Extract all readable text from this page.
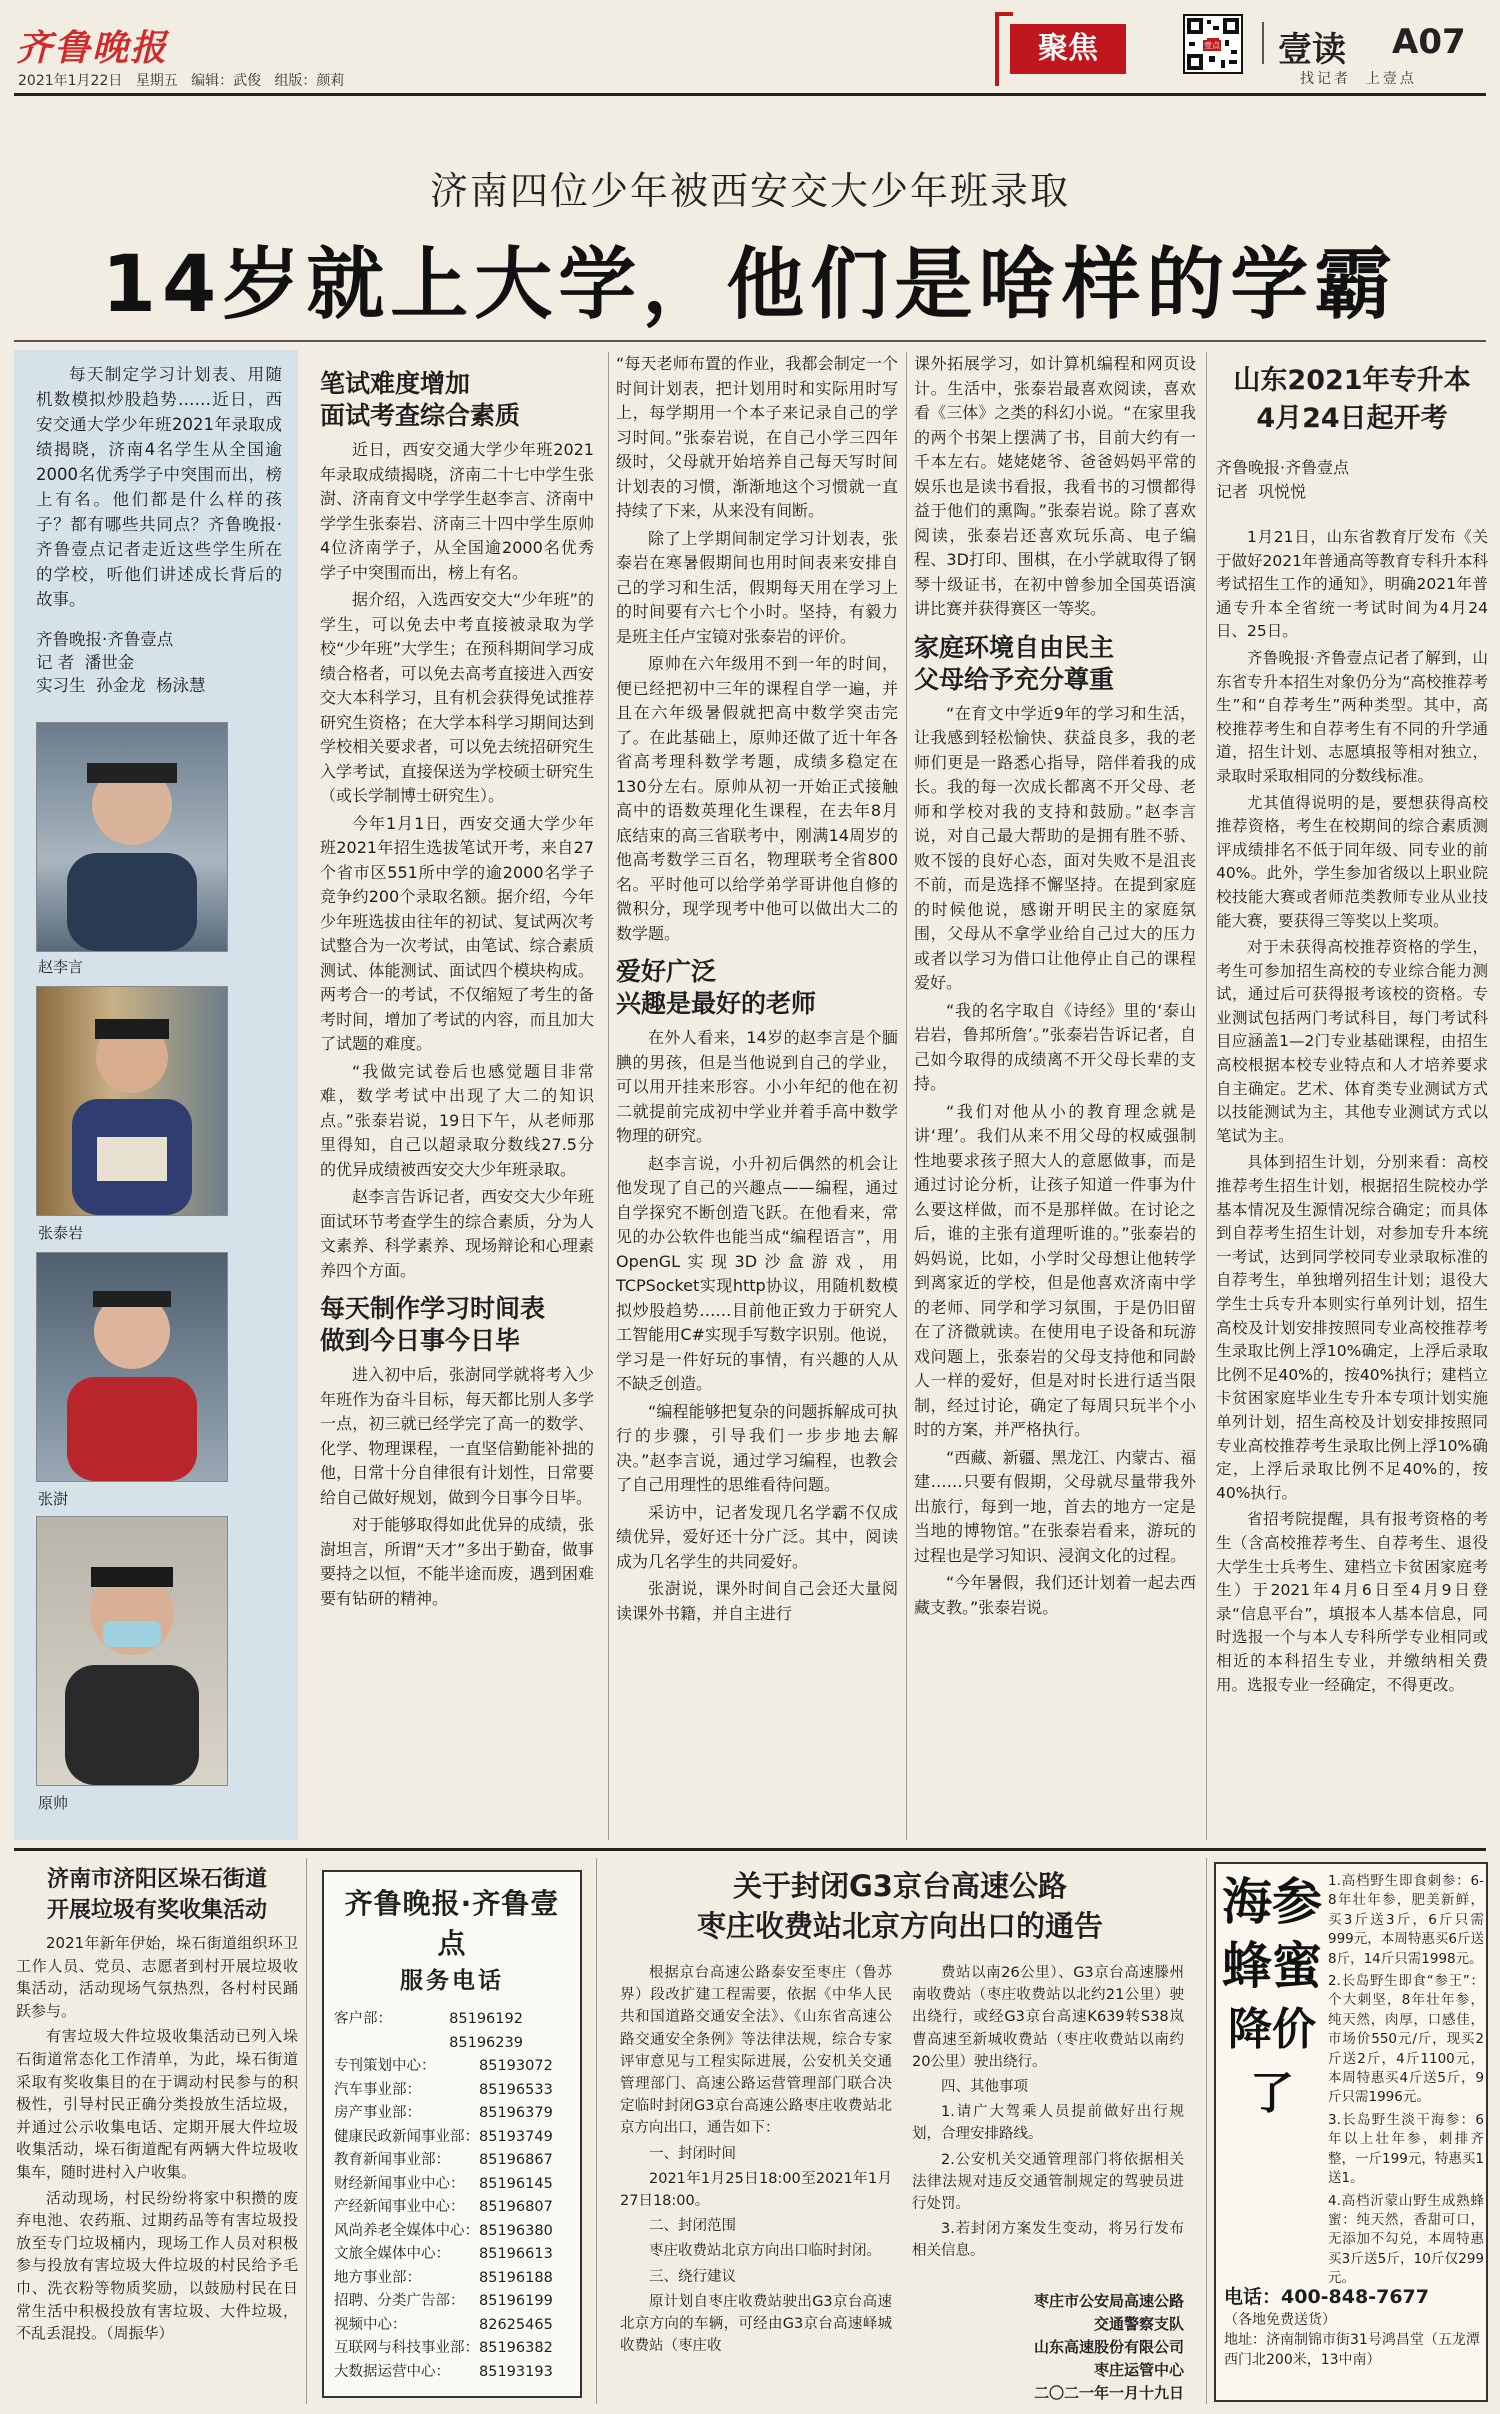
齐鲁晚报
2021年1月22日 星期五 编辑：武俊 组版：颜莉
聚焦	壹点 壹读 A07
找记者  上壹点
济南四位少年被西安交大少年班录取
14岁就上大学，他们是啥样的学霸

每天制定学习计划表、用随机数模拟炒股趋势……近日，西安交通大学少年班2021年录取成绩揭晓，济南4名学生从全国逾2000名优秀学子中突围而出，榜上有名。他们都是什么样的孩子？都有哪些共同点？齐鲁晚报·齐鲁壹点记者走近这些学生所在的学校，听他们讲述成长背后的故事。

齐鲁晚报·齐鲁壹点
记 者  潘世金
实习生  孙金龙  杨泳慧
赵李言
张泰岩
张澍
原帅
笔试难度增加
面试考查综合素质

近日，西安交通大学少年班2021年录取成绩揭晓，济南二十七中学生张澍、济南育文中学学生赵李言、济南中学学生张泰岩、济南三十四中学生原帅4位济南学子，从全国逾2000名优秀学子中突围而出，榜上有名。

据介绍，入选西安交大“少年班”的学生，可以免去中考直接被录取为学校“少年班”大学生；在预科期间学习成绩合格者，可以免去高考直接进入西安交大本科学习，且有机会获得免试推荐研究生资格；在大学本科学习期间达到学校相关要求者，可以免去统招研究生入学考试，直接保送为学校硕士研究生（或长学制博士研究生）。

今年1月1日，西安交通大学少年班2021年招生选拔笔试开考，来自27个省市区551所中学的逾2000名学子竞争约200个录取名额。据介绍，今年少年班选拔由往年的初试、复试两次考试整合为一次考试，由笔试、综合素质测试、体能测试、面试四个模块构成。两考合一的考试，不仅缩短了考生的备考时间，增加了考试的内容，而且加大了试题的难度。

“我做完试卷后也感觉题目非常难，数学考试中出现了大二的知识点。”张泰岩说，19日下午，从老师那里得知，自己以超录取分数线27.5分的优异成绩被西安交大少年班录取。

赵李言告诉记者，西安交大少年班面试环节考查学生的综合素质，分为人文素养、科学素养、现场辩论和心理素养四个方面。

每天制作学习时间表
做到今日事今日毕

进入初中后，张澍同学就将考入少年班作为奋斗目标，每天都比别人多学一点，初三就已经学完了高一的数学、化学、物理课程，一直坚信勤能补拙的他，日常十分自律很有计划性，日常要给自己做好规划，做到今日事今日毕。

对于能够取得如此优异的成绩，张澍坦言，所谓“天才”多出于勤奋，做事要持之以恒，不能半途而废，遇到困难要有钻研的精神。

“每天老师布置的作业，我都会制定一个时间计划表，把计划用时和实际用时写上，每学期用一个本子来记录自己的学习时间。”张泰岩说，在自己小学三四年级时，父母就开始培养自己每天写时间计划表的习惯，渐渐地这个习惯就一直持续了下来，从来没有间断。

除了上学期间制定学习计划表，张泰岩在寒暑假期间也用时间表来安排自己的学习和生活，假期每天用在学习上的时间要有六七个小时。坚持，有毅力是班主任卢宝镜对张泰岩的评价。

原帅在六年级用不到一年的时间，便已经把初中三年的课程自学一遍，并且在六年级暑假就把高中数学突击完了。在此基础上，原帅还做了近十年各省高考理科数学考题，成绩多稳定在130分左右。原帅从初一开始正式接触高中的语数英理化生课程，在去年8月底结束的高三省联考中，刚满14周岁的他高考数学三百名，物理联考全省800名。平时他可以给学弟学哥讲他自修的微积分，现学现考中他可以做出大二的数学题。

爱好广泛
兴趣是最好的老师

在外人看来，14岁的赵李言是个腼腆的男孩，但是当他说到自己的学业，可以用开挂来形容。小小年纪的他在初二就提前完成初中学业并着手高中数学物理的研究。

赵李言说，小升初后偶然的机会让他发现了自己的兴趣点——编程，通过自学探究不断创造飞跃。在他看来，常见的办公软件也能当成“编程语言”，用OpenGL实现3D沙盒游戏，用TCPSocket实现http协议，用随机数模拟炒股趋势……目前他正致力于研究人工智能用C#实现手写数字识别。他说，学习是一件好玩的事情，有兴趣的人从不缺乏创造。

“编程能够把复杂的问题拆解成可执行的步骤，引导我们一步步地去解决。”赵李言说，通过学习编程，也教会了自己用理性的思维看待问题。

采访中，记者发现几名学霸不仅成绩优异，爱好还十分广泛。其中，阅读成为几名学生的共同爱好。

张澍说，课外时间自己会还大量阅读课外书籍，并自主进行

课外拓展学习，如计算机编程和网页设计。生活中，张泰岩最喜欢阅读，喜欢看《三体》之类的科幻小说。“在家里我的两个书架上摆满了书，目前大约有一千本左右。姥姥姥爷、爸爸妈妈平常的娱乐也是读书看报，我看书的习惯都得益于他们的熏陶。”张泰岩说。除了喜欢阅读，张泰岩还喜欢玩乐高、电子编程、3D打印、围棋，在小学就取得了钢琴十级证书，在初中曾参加全国英语演讲比赛并获得赛区一等奖。

家庭环境自由民主
父母给予充分尊重

“在育文中学近9年的学习和生活，让我感到轻松愉快、获益良多，我的老师们更是一路悉心指导，陪伴着我的成长。我的每一次成长都离不开父母、老师和学校对我的支持和鼓励。”赵李言说，对自己最大帮助的是拥有胜不骄、败不馁的良好心态，面对失败不是沮丧不前，而是选择不懈坚持。在提到家庭的时候他说，感谢开明民主的家庭氛围，父母从不拿学业给自己过大的压力或者以学习为借口让他停止自己的课程爱好。

“我的名字取自《诗经》里的‘泰山岩岩，鲁邦所詹’。”张泰岩告诉记者，自己如今取得的成绩离不开父母长辈的支持。

“我们对他从小的教育理念就是讲‘理’。我们从来不用父母的权威强制性地要求孩子照大人的意愿做事，而是通过讨论分析，让孩子知道一件事为什么要这样做，而不是那样做。在讨论之后，谁的主张有道理听谁的。”张泰岩的妈妈说，比如，小学时父母想让他转学到离家近的学校，但是他喜欢济南中学的老师、同学和学习氛围，于是仍旧留在了济微就读。在使用电子设备和玩游戏问题上，张泰岩的父母支持他和同龄人一样的爱好，但是对时长进行适当限制，经过讨论，确定了每周只玩半个小时的方案，并严格执行。

“西藏、新疆、黑龙江、内蒙古、福建……只要有假期，父母就尽量带我外出旅行，每到一地，首去的地方一定是当地的博物馆。”在张泰岩看来，游玩的过程也是学习知识、浸润文化的过程。

“今年暑假，我们还计划着一起去西藏支教。”张泰岩说。

山东2021年专升本
4月24日起开考
齐鲁晚报·齐鲁壹点
记者  巩悦悦

1月21日，山东省教育厅发布《关于做好2021年普通高等教育专科升本科考试招生工作的通知》，明确2021年普通专升本全省统一考试时间为4月24日、25日。

齐鲁晚报·齐鲁壹点记者了解到，山东省专升本招生对象仍分为“高校推荐考生”和“自荐考生”两种类型。其中，高校推荐考生和自荐考生有不同的升学通道，招生计划、志愿填报等相对独立，录取时采取相同的分数线标准。

尤其值得说明的是，要想获得高校推荐资格，考生在校期间的综合素质测评成绩排名不低于同年级、同专业的前40%。此外，学生参加省级以上职业院校技能大赛或者师范类教师专业从业技能大赛，要获得三等奖以上奖项。

对于未获得高校推荐资格的学生，考生可参加招生高校的专业综合能力测试，通过后可获得报考该校的资格。专业测试包括两门考试科目，每门考试科目应涵盖1—2门专业基础课程，由招生高校根据本校专业特点和人才培养要求自主确定。艺术、体育类专业测试方式以技能测试为主，其他专业测试方式以笔试为主。

具体到招生计划，分别来看：高校推荐考生招生计划，根据招生院校办学基本情况及生源情况综合确定；而具体到自荐考生招生计划，对参加专升本统一考试，达到同学校同专业录取标准的自荐考生，单独增列招生计划；退役大学生士兵专升本则实行单列计划，招生高校及计划安排按照同专业高校推荐考生录取比例上浮10%确定，上浮后录取比例不足40%的，按40%执行；建档立卡贫困家庭毕业生专升本专项计划实施单列计划，招生高校及计划安排按照同专业高校推荐考生录取比例上浮10%确定，上浮后录取比例不足40%的，按40%执行。

省招考院提醒，具有报考资格的考生（含高校推荐考生、自荐考生、退役大学生士兵考生、建档立卡贫困家庭考生）于2021年4月6日至4月9日登录“信息平台”，填报本人基本信息，同时选报一个与本人专科所学专业相同或相近的本科招生专业，并缴纳相关费用。选报专业一经确定，不得更改。

济南市济阳区垛石街道
开展垃圾有奖收集活动

2021年新年伊始，垛石街道组织环卫工作人员、党员、志愿者到村开展垃圾收集活动，活动现场气氛热烈，各村村民踊跃参与。

有害垃圾大件垃圾收集活动已列入垛石街道常态化工作清单，为此，垛石街道采取有奖收集目的在于调动村民参与的积极性，引导村民正确分类投放生活垃圾，并通过公示收集电话、定期开展大件垃圾收集活动，垛石街道配有两辆大件垃圾收集车，随时进村入户收集。

活动现场，村民纷纷将家中积攒的废弃电池、农药瓶、过期药品等有害垃圾投放至专门垃圾桶内，现场工作人员对积极参与投放有害垃圾大件垃圾的村民给予毛巾、洗衣粉等物质奖励，以鼓励村民在日常生活中积极投放有害垃圾、大件垃圾，不乱丢混投。（周振华）

齐鲁晚报·齐鲁壹点
服务电话
客户部：	85196192 85196239
专刊策划中心：	85193072
汽车事业部：	85196533
房产事业部：	85196379
健康民政新闻事业部： 85193749
教育新闻事业部：	85196867
财经新闻事业中心：	85196145
产经新闻事业中心：	85196807
风尚养老全媒体中心： 85196380
文旅全媒体中心：	85196613
地方事业部：	85196188
招聘、分类广告部：	85196199
视频中心：	82625465
互联网与科技事业部： 85196382
大数据运营中心：	85193193
关于封闭G3京台高速公路
枣庄收费站北京方向出口的通告

根据京台高速公路泰安至枣庄（鲁苏界）段改扩建工程需要，依据《中华人民共和国道路交通安全法》、《山东省高速公路交通安全条例》等法律法规，综合专家评审意见与工程实际进展，公安机关交通管理部门、高速公路运营管理部门联合决定临时封闭G3京台高速公路枣庄收费站北京方向出口，通告如下：

一、封闭时间

2021年1月25日18:00至2021年1月27日18:00。

二、封闭范围

枣庄收费站北京方向出口临时封闭。

三、绕行建议

原计划自枣庄收费站驶出G3京台高速北京方向的车辆，可经由G3京台高速峄城收费站（枣庄收

费站以南26公里）、G3京台高速滕州南收费站（枣庄收费站以北约21公里）驶出绕行，或经G3京台高速K639转S38岚曹高速至新城收费站（枣庄收费站以南约20公里）驶出绕行。

四、其他事项

1.请广大驾乘人员提前做好出行规划，合理安排路线。

2.公安机关交通管理部门将依据相关法律法规对违反交通管制规定的驾驶员进行处罚。

3.若封闭方案发生变动，将另行发布相关信息。

枣庄市公安局高速公路
交通警察支队
山东高速股份有限公司
枣庄运管中心
二〇二一年一月十九日
海参
蜂蜜
降价了
1.高档野生即食刺参：6-8年壮年参，肥美新鲜，买3斤送3斤，6斤只需999元，本周特惠买6斤送8斤，14斤只需1998元。
2.长岛野生即食“参王”：个大刺坚，8年壮年参，纯天然，肉厚，口感佳，市场价550元/斤，现买2斤送2斤，4斤1100元，本周特惠买4斤送5斤，9斤只需1996元。
3.长岛野生淡干海参：6年以上壮年参，刺排齐整，一斤199元，特惠买1送1。
4.高档沂蒙山野生成熟蜂蜜：纯天然，香甜可口，无添加不勾兑，本周特惠买3斤送5斤，10斤仅299元。
电话：400-848-7677
（各地免费送货）
地址：济南制锦市街31号鸿昌堂（五龙潭西门北200米，13中南）
